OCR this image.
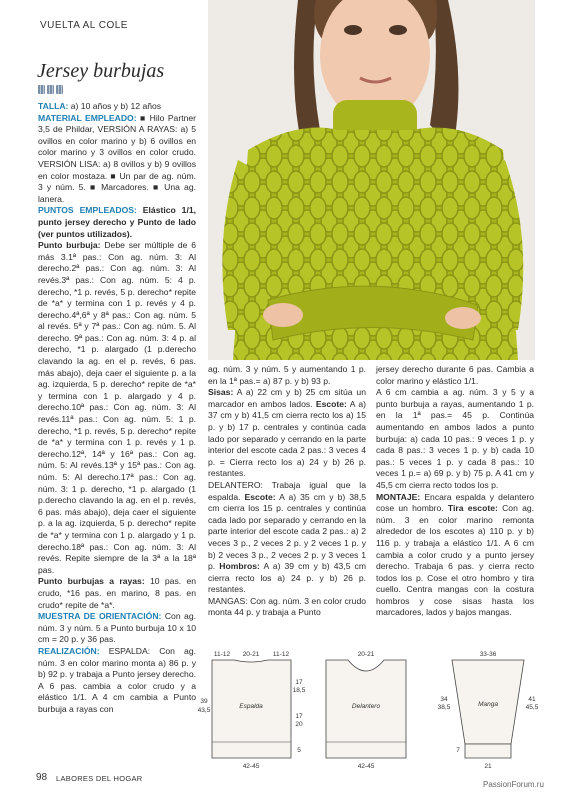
VUELTA AL COLE
Jersey burbujas

TALLA: a) 10 años y b) 12 años

MATERIAL EMPLEADO: ■ Hilo Partner 3,5 de Phildar, VERSIÓN A RAYAS: a) 5 ovillos en color marino y b) 6 ovillos en color marino y 3 ovillos en color crudo. VERSIÓN LISA: a) 8 ovillos y b) 9 ovillos en color mostaza. ■ Un par de ag. núm. 3 y núm. 5. ■ Marcadores. ■ Una ag. lanera.

PUNTOS EMPLEADOS: Elástico 1/1, punto jersey derecho y Punto de lado (ver puntos utilizados).

Punto burbuja: Debe ser múltiple de 6 más 3.1ª pas.: Con ag. núm. 3: Al derecho.2ª pas.: Con ag. núm. 3: Al revés.3ª pas.: Con ag. núm. 5: 4 p. derecho, *1 p. revés, 5 p. derecho* repite de *a* y termina con 1 p. revés y 4 p. derecho.4ª,6ª y 8ª pas.: Con ag. núm. 5 al revés. 5ª y 7ª pas.: Con ag. núm. 5. Al derecho. 9ª pas.: Con ag. núm. 3: 4 p. al derecho, *1 p. alargado (1 p.derecho clavando la ag. en el p. revés, 6 pas. más abajo), deja caer el siguiente p. a la ag. izquierda, 5 p. derecho* repite de *a* y termina con 1 p. alargado y 4 p. derecho.10ª pas.: Con ag. núm. 3: Al revés.11ª pas.: Con ag. núm. 5: 1 p. derecho, *1 p. revés, 5 p. derecho* repite de *a* y termina con 1 p. revés y 1 p. derecho.12ª, 14ª y 16ª pas.: Con ag. núm. 5: Al revés.13ª y 15ª pas.: Con ag. núm. 5: Al derecho.17ª pas.: Con ag. núm. 3: 1 p. derecho, *1 p. alargado (1 p.derecho clavando la ag. en el p. revés, 6 pas. más abajo), deja caer el siguiente p. a la ag. izquierda, 5 p. derecho* repite de *a* y termina con 1 p. alargado y 1 p. derecho.18ª pas.: Con ag. núm. 3: Al revés. Repite siempre de la 3ª a la 18ª pas.

Punto burbujas a rayas: 10 pas. en crudo, *16 pas. en marino, 8 pas. en crudo* repite de *a*.

MUESTRA DE ORIENTACIÓN: Con ag. núm. 3 y núm. 5 a Punto burbuja 10 x 10 cm = 20 p. y 36 pas.

REALIZACIÓN: ESPALDA: Con ag. núm. 3 en color marino monta a) 86 p. y b) 92 p. y trabaja a Punto jersey derecho. A 6 pas. cambia a color crudo y a elástico 1/1. A 4 cm cambia a Punto burbuja a rayas con

ag. núm. 3 y núm. 5 y aumentando 1 p. en la 1ª pas.= a) 87 p. y b) 93 p.

Sisas: A a) 22 cm y b) 25 cm sitúa un marcador en ambos lados. Escote: A a) 37 cm y b) 41,5 cm cierra recto los a) 15 p. y b) 17 p. centrales y continúa cada lado por separado y cerrando en la parte interior del escote cada 2 pas.: 3 veces 4 p. = Cierra recto los a) 24 y b) 26 p. restantes.

DELANTERO: Trabaja igual que la espalda. Escote: A a) 35 cm y b) 38,5 cm cierra los 15 p. centrales y continúa cada lado por separado y cerrando en la parte interior del escote cada 2 pas.: a) 2 veces 3 p., 2 veces 2 p. y 2 veces 1 p. y b) 2 veces 3 p., 2 veces 2 p. y 3 veces 1 p. Hombros: A a) 39 cm y b) 43,5 cm cierra recto los a) 24 p. y b) 26 p. restantes.

MANGAS: Con ag. núm. 3 en color crudo monta 44 p. y trabaja a Punto

jersey derecho durante 6 pas. Cambia a color marino y elástico 1/1.

A 6 cm cambia a ag. núm. 3 y 5 y a punto burbuja a rayas, aumentando 1 p. en la 1ª pas.= 45 p. Continúa aumentando en ambos lados a punto burbuja: a) cada 10 pas.: 9 veces 1 p. y cada 8 pas.: 3 veces 1 p. y b) cada 10 pas.: 5 veces 1 p. y cada 8 pas.: 10 veces 1 p.= a) 69 p. y b) 75 p. A 41 cm y 45,5 cm cierra recto todos los p.

MONTAJE: Encara espalda y delantero cose un hombro. Tira escote: Con ag. núm. 3 en color marino remonta alrededor de los escotes a) 110 p. y b) 116 p. y trabaja a elástico 1/1. A 6 cm cambia a color crudo y a punto jersey derecho. Trabaja 6 pas. y cierra recto todos los p. Cose el otro hombro y tira cuello. Centra mangas con la costura hombros y cose sisas hasta los marcadores, lados y bajos mangas.

Espalda
11-12 20-21 11-12
39
43,5
17
18,5
17
20
5
42-45
Delantero
20-21
42-45
Manga
33-36
34
38,5
41
45,5
7
21
98 LABORES DEL HOGAR
PassionForum.ru
